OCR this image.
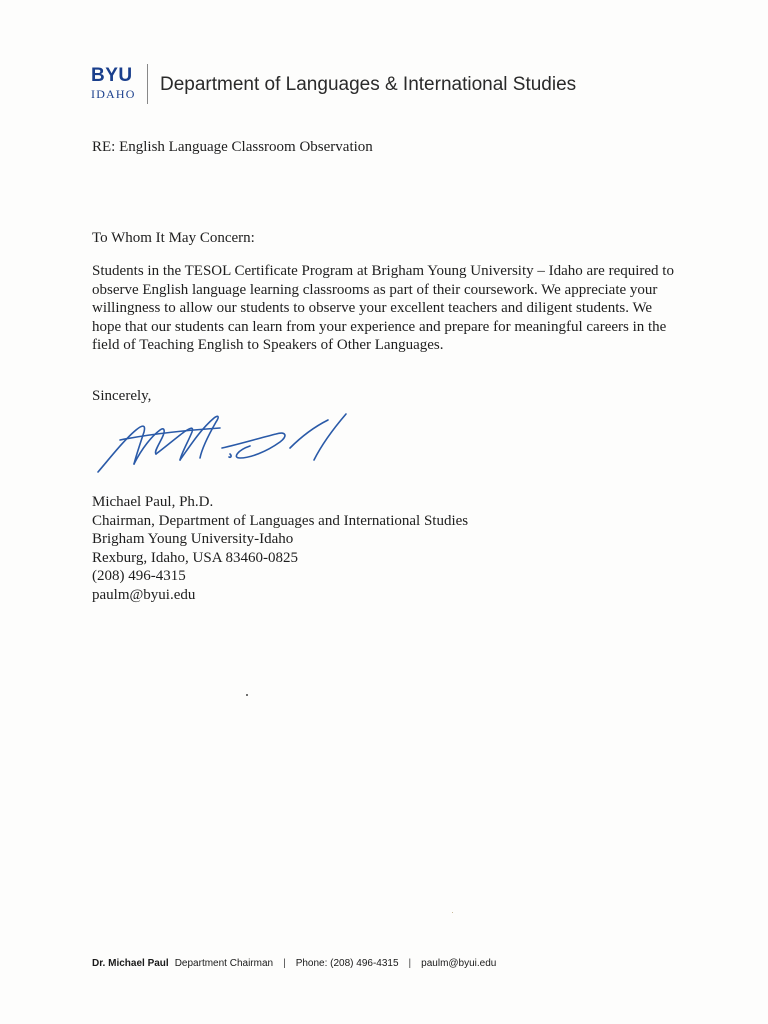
BYU
IDAHO Department of Languages & International Studies
RE: English Language Classroom Observation
To Whom It May Concern:
Students in the TESOL Certificate Program at Brigham Young University – Idaho are required to
observe English language learning classrooms as part of their coursework. We appreciate your
willingness to allow our students to observe your excellent teachers and diligent students. We
hope that our students can learn from your experience and prepare for meaningful careers in the
field of Teaching English to Speakers of Other Languages.
Sincerely,
Michael Paul, Ph.D.
Chairman, Department of Languages and International Studies
Brigham Young University-Idaho
Rexburg, Idaho, USA 83460-0825
(208) 496-4315
paulm@byui.edu
Dr. Michael Paul Department Chairman | Phone: (208) 496-4315 | paulm@byui.edu
